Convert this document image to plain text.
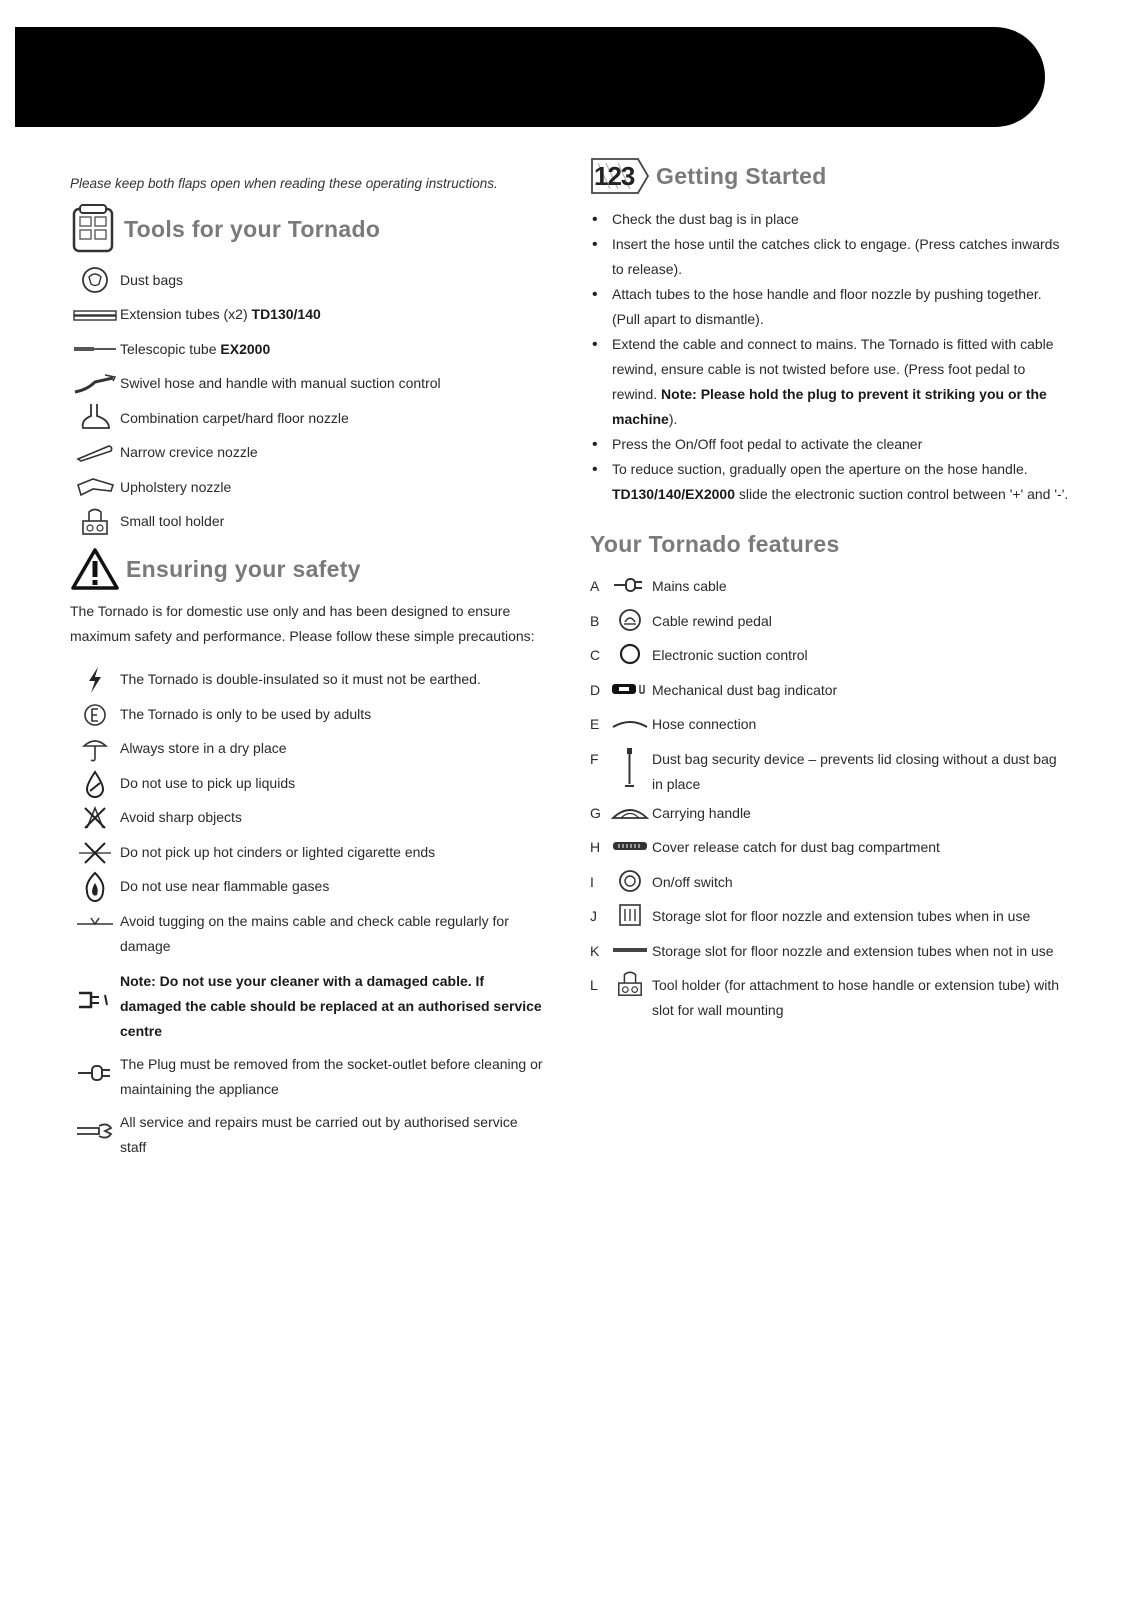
Please keep both flaps open when reading these operating instructions.
Tools for your Tornado
Dust bags
Extension tubes (x2) TD130/140
Telescopic tube EX2000
Swivel hose and handle with manual suction control
Combination carpet/hard floor nozzle
Narrow crevice nozzle
Upholstery nozzle
Small tool holder
Ensuring your safety
The Tornado is for domestic use only and has been designed to ensure maximum safety and performance. Please follow these simple precautions:
The Tornado is double-insulated so it must not be earthed.
The Tornado is only to be used by adults
Always store in a dry place
Do not use to pick up liquids
Avoid sharp objects
Do not pick up hot cinders or lighted cigarette ends
Do not use near flammable gases
Avoid tugging on the mains cable and check cable regularly for damage
Note: Do not use your cleaner with a damaged cable. If damaged the cable should be replaced at an authorised service centre
The Plug must be removed from the socket-outlet before cleaning or maintaining the appliance
All service and repairs must be carried out by authorised service staff
123 Getting Started
• Check the dust bag is in place
• Insert the hose until the catches click to engage. (Press catches inwards to release).
• Attach tubes to the hose handle and floor nozzle by pushing together. (Pull apart to dismantle).
• Extend the cable and connect to mains. The Tornado is fitted with cable rewind, ensure cable is not twisted before use. (Press foot pedal to rewind. Note: Please hold the plug to prevent it striking you or the machine).
• Press the On/Off foot pedal to activate the cleaner
• To reduce suction, gradually open the aperture on the hose handle. TD130/140/EX2000 slide the electronic suction control between '+' and '-'.
Your Tornado features
A	Mains cable
B	Cable rewind pedal
C	Electronic suction control
D	Mechanical dust bag indicator
E	Hose connection
F	Dust bag security device – prevents lid closing without a dust bag in place
G	Carrying handle
H	Cover release catch for dust bag compartment
I	On/off switch
J	Storage slot for floor nozzle and extension tubes when in use
K	Storage slot for floor nozzle and extension tubes when not in use
L	Tool holder (for attachment to hose handle or extension tube) with slot for wall mounting
